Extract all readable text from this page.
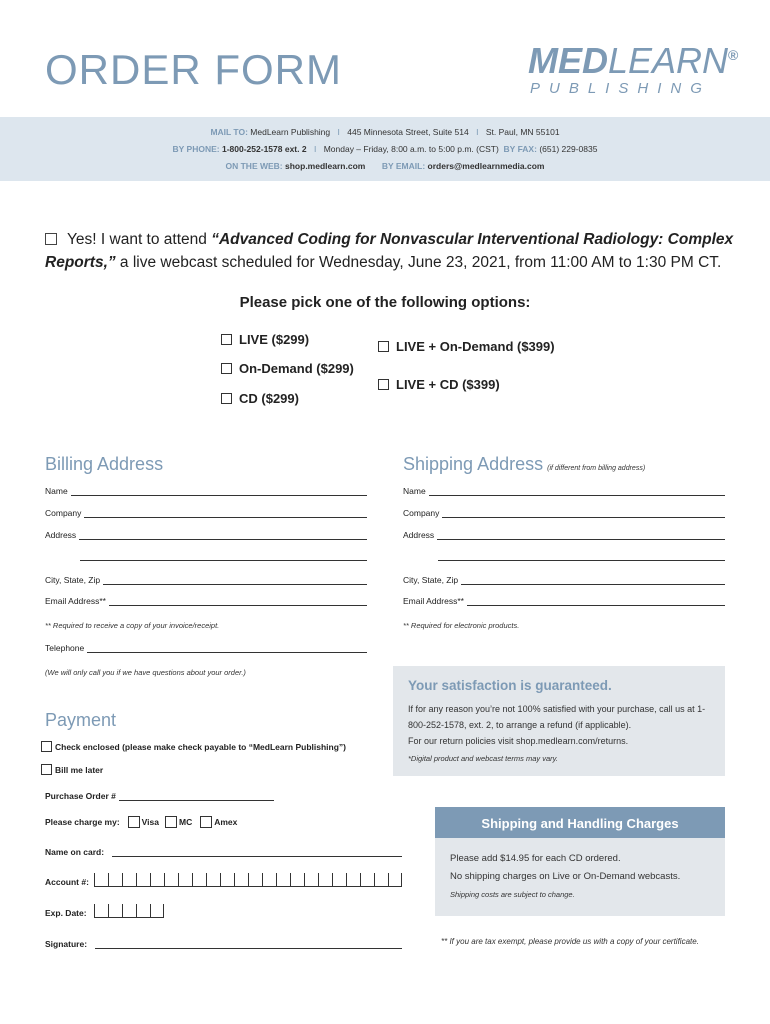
ORDER FORM	MEDLEARN®
PUBLISHING
MAIL TO: MedLearn Publishing I 445 Minnesota Street, Suite 514 I St. Paul, MN 55101
BY PHONE: 1-800-252-1578 ext. 2 I Monday – Friday, 8:00 a.m. to 5:00 p.m. (CST) BY FAX: (651) 229-0835
ON THE WEB: shop.medlearn.com BY EMAIL: orders@medlearnmedia.com
Yes! I want to attend “Advanced Coding for Nonvascular Interventional Radiology: Complex Reports,” a live webcast scheduled for Wednesday, June 23, 2021, from 11:00 AM to 1:30 PM CT.
Please pick one of the following options:
LIVE ($299)
On-Demand ($299)
CD ($299)
LIVE + On-Demand ($399)
LIVE + CD ($399)
Billing Address
Name
Company
Address
City, State, Zip
Email Address**
** Required to receive a copy of your invoice/receipt.
Telephone
(We will only call you if we have questions about your order.)
Shipping Address (if different from billing address)
Name
Company
Address
City, State, Zip
Email Address**
** Required for electronic products.
Your satisfaction is guaranteed.

If for any reason you’re not 100% satisfied with your purchase, call us at 1-800-252-1578, ext. 2, to arrange a refund (if applicable).

For our return policies visit shop.medlearn.com/returns.

*Digital product and webcast terms may vary.

Payment
Check enclosed (please make check payable to “MedLearn Publishing”)
Bill me later
Purchase Order #
Please charge my:	Visa MC	Amex
Name on card:
Account #:
Exp. Date:
Signature:
Shipping and Handling Charges

Please add $14.95 for each CD ordered.

No shipping charges on Live or On-Demand webcasts.

Shipping costs are subject to change.

** If you are tax exempt, please provide us with a copy of your certificate.
